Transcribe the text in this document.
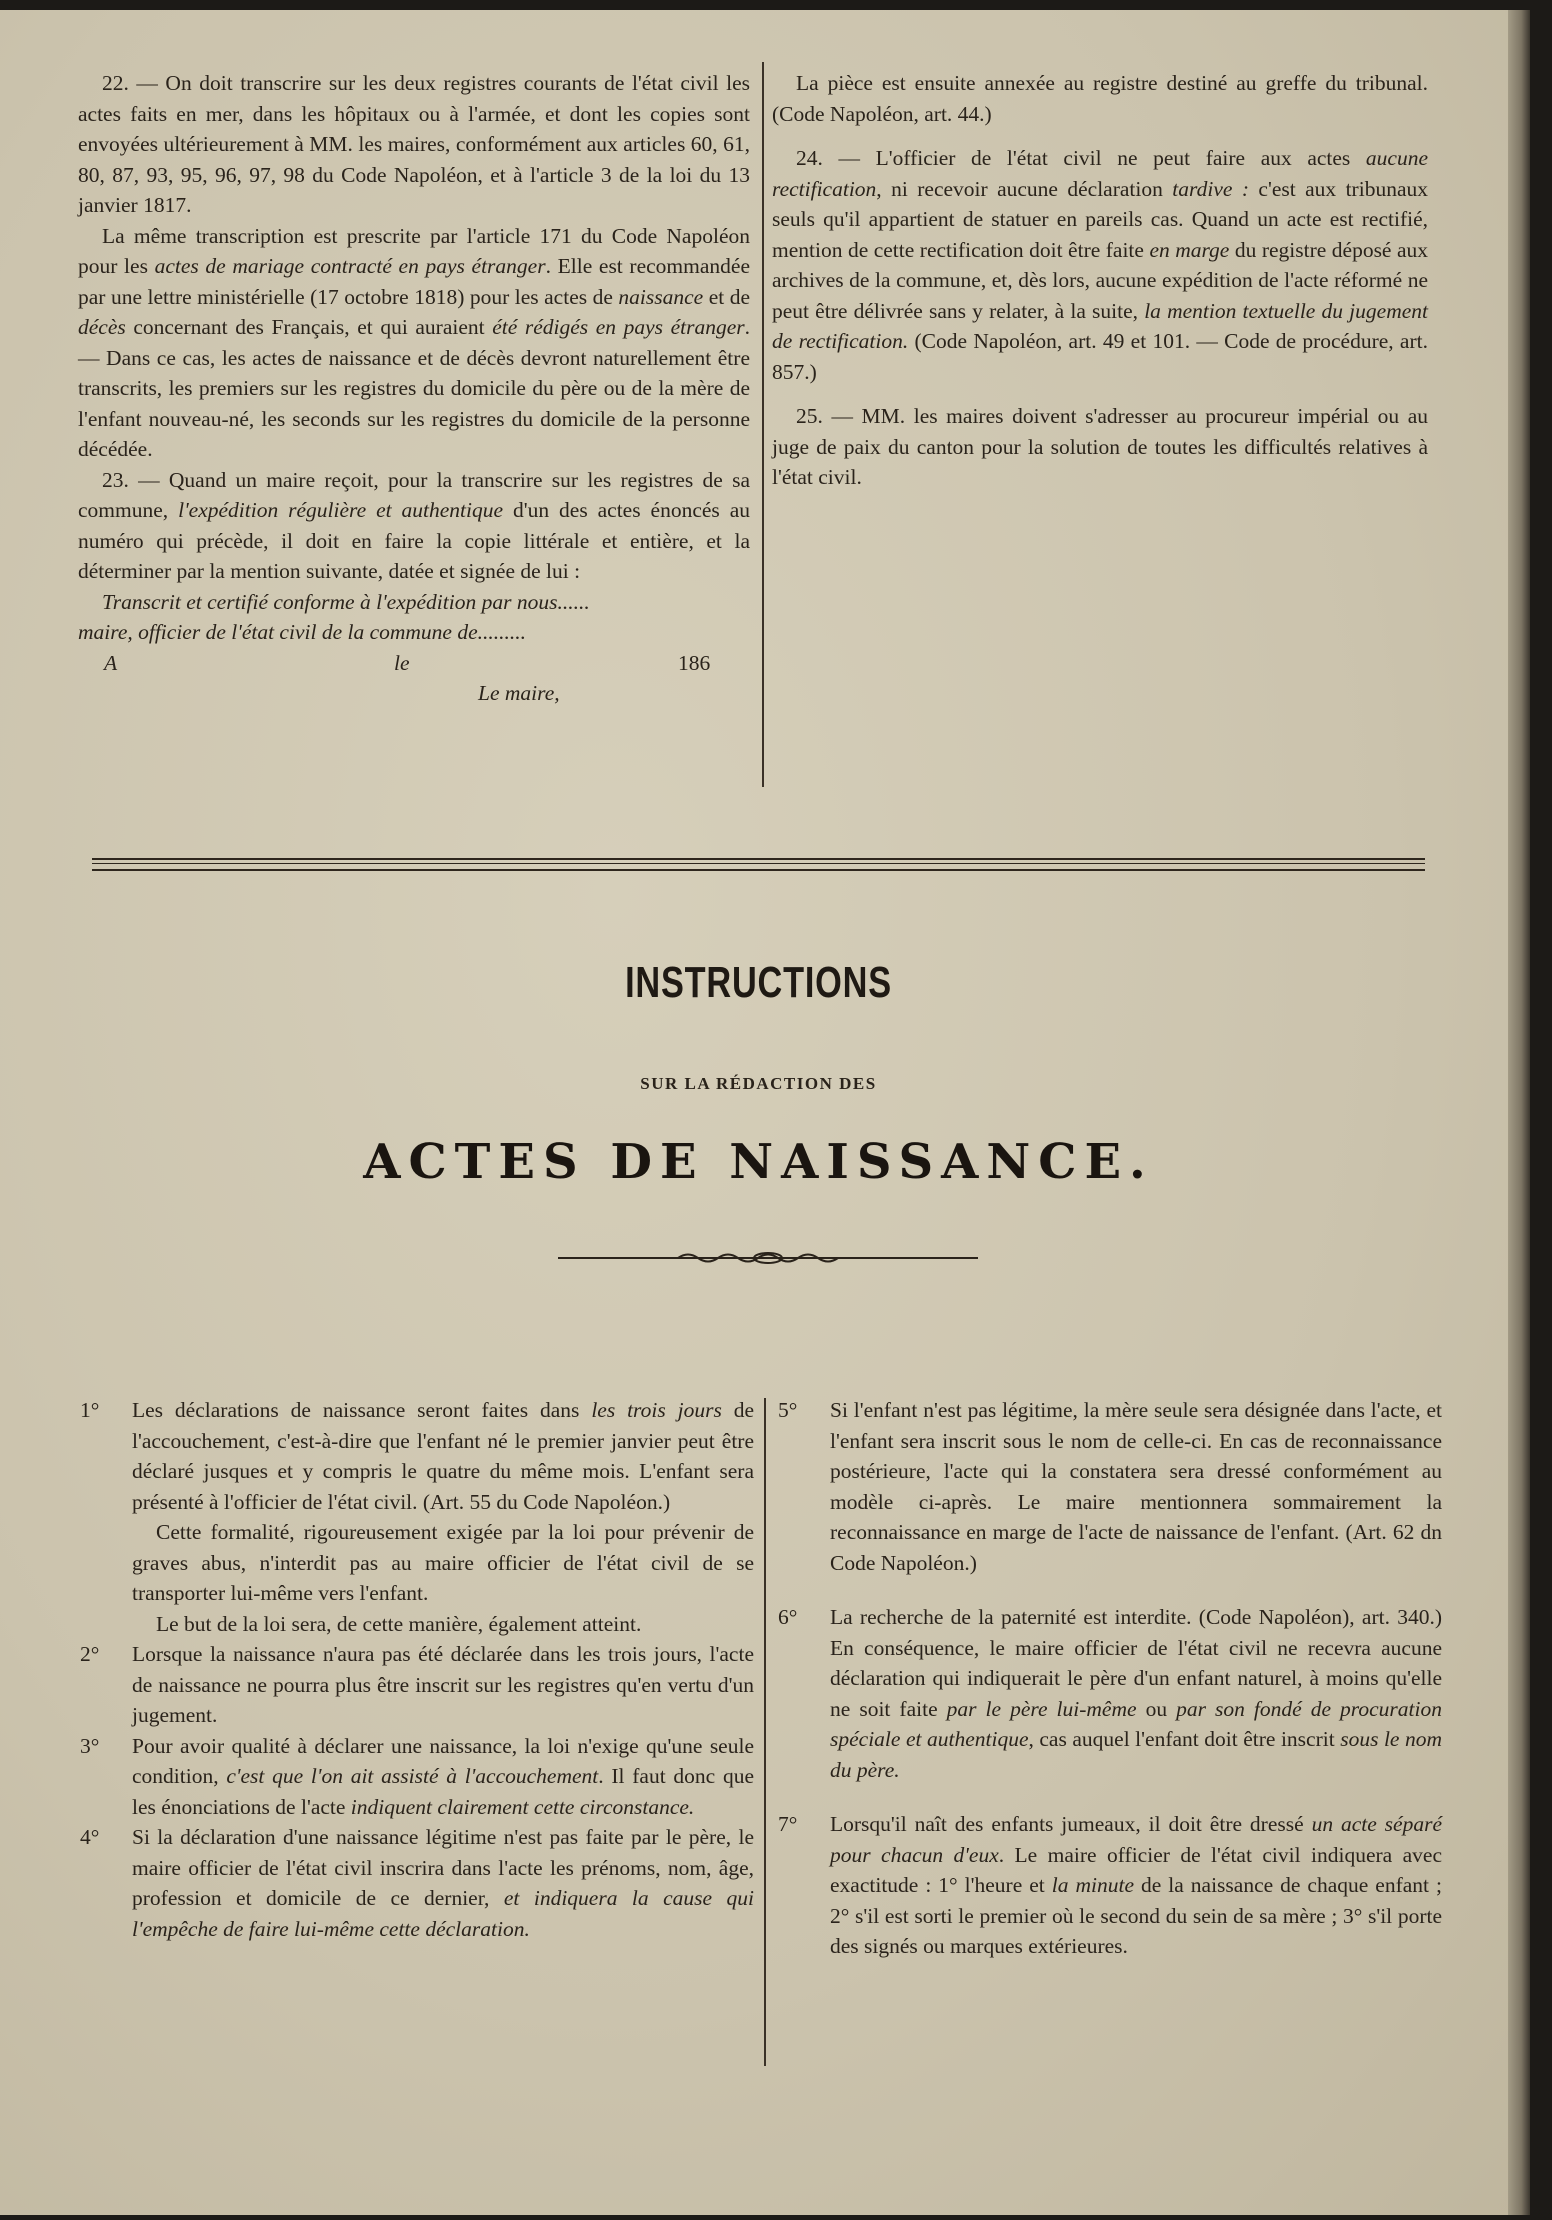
22. — On doit transcrire sur les deux registres courants de l'état civil les actes faits en mer, dans les hôpitaux ou à l'armée, et dont les copies sont envoyées ultérieurement à MM. les maires, conformément aux articles 60, 61, 80, 87, 93, 95, 96, 97, 98 du Code Napoléon, et à l'article 3 de la loi du 13 janvier 1817.

La même transcription est prescrite par l'article 171 du Code Napoléon pour les actes de mariage contracté en pays étranger. Elle est recommandée par une lettre ministérielle (17 octobre 1818) pour les actes de naissance et de décès concernant des Français, et qui auraient été rédigés en pays étranger. — Dans ce cas, les actes de naissance et de décès devront naturellement être transcrits, les premiers sur les registres du domicile du père ou de la mère de l'enfant nouveau-né, les seconds sur les registres du domicile de la personne décédée.

23. — Quand un maire reçoit, pour la transcrire sur les registres de sa commune, l'expédition régulière et authentique d'un des actes énoncés au numéro qui précède, il doit en faire la copie littérale et entière, et la déterminer par la mention suivante, datée et signée de lui :

Transcrit et certifié conforme à l'expédition par nous......

maire, officier de l'état civil de la commune de.........

A	le	186

Le maire,

La pièce est ensuite annexée au registre destiné au greffe du tribunal. (Code Napoléon, art. 44.)

24. — L'officier de l'état civil ne peut faire aux actes aucune rectification, ni recevoir aucune déclaration tardive : c'est aux tribunaux seuls qu'il appartient de statuer en pareils cas. Quand un acte est rectifié, mention de cette rectification doit être faite en marge du registre déposé aux archives de la commune, et, dès lors, aucune expédition de l'acte réformé ne peut être délivrée sans y relater, à la suite, la mention textuelle du jugement de rectification. (Code Napoléon, art. 49 et 101. — Code de procédure, art. 857.)

25. — MM. les maires doivent s'adresser au procureur impérial ou au juge de paix du canton pour la solution de toutes les difficultés relatives à l'état civil.

INSTRUCTIONS
SUR LA RÉDACTION DES
ACTES DE NAISSANCE.
1° Les déclarations de naissance seront faites dans les trois jours de l'accouchement, c'est-à-dire que l'enfant né le premier janvier peut être déclaré jusques et y compris le quatre du même mois. L'enfant sera présenté à l'officier de l'état civil. (Art. 55 du Code Napoléon.)

Cette formalité, rigoureusement exigée par la loi pour prévenir de graves abus, n'interdit pas au maire officier de l'état civil de se transporter lui-même vers l'enfant.

Le but de la loi sera, de cette manière, également atteint.

2° Lorsque la naissance n'aura pas été déclarée dans les trois jours, l'acte de naissance ne pourra plus être inscrit sur les registres qu'en vertu d'un jugement.

3° Pour avoir qualité à déclarer une naissance, la loi n'exige qu'une seule condition, c'est que l'on ait assisté à l'accouchement. Il faut donc que les énonciations de l'acte indiquent clairement cette circonstance.

4° Si la déclaration d'une naissance légitime n'est pas faite par le père, le maire officier de l'état civil inscrira dans l'acte les prénoms, nom, âge, profession et domicile de ce dernier, et indiquera la cause qui l'empêche de faire lui-même cette déclaration.

5° Si l'enfant n'est pas légitime, la mère seule sera désignée dans l'acte, et l'enfant sera inscrit sous le nom de celle-ci. En cas de reconnaissance postérieure, l'acte qui la constatera sera dressé conformément au modèle ci-après. Le maire mentionnera sommairement la reconnaissance en marge de l'acte de naissance de l'enfant. (Art. 62 dn Code Napoléon.)

6° La recherche de la paternité est interdite. (Code Napoléon), art. 340.) En conséquence, le maire officier de l'état civil ne recevra aucune déclaration qui indiquerait le père d'un enfant naturel, à moins qu'elle ne soit faite par le père lui-même ou par son fondé de procuration spéciale et authentique, cas auquel l'enfant doit être inscrit sous le nom du père.

7° Lorsqu'il naît des enfants jumeaux, il doit être dressé un acte séparé pour chacun d'eux. Le maire officier de l'état civil indiquera avec exactitude : 1° l'heure et la minute de la naissance de chaque enfant ; 2° s'il est sorti le premier où le second du sein de sa mère ; 3° s'il porte des signés ou marques extérieures.
